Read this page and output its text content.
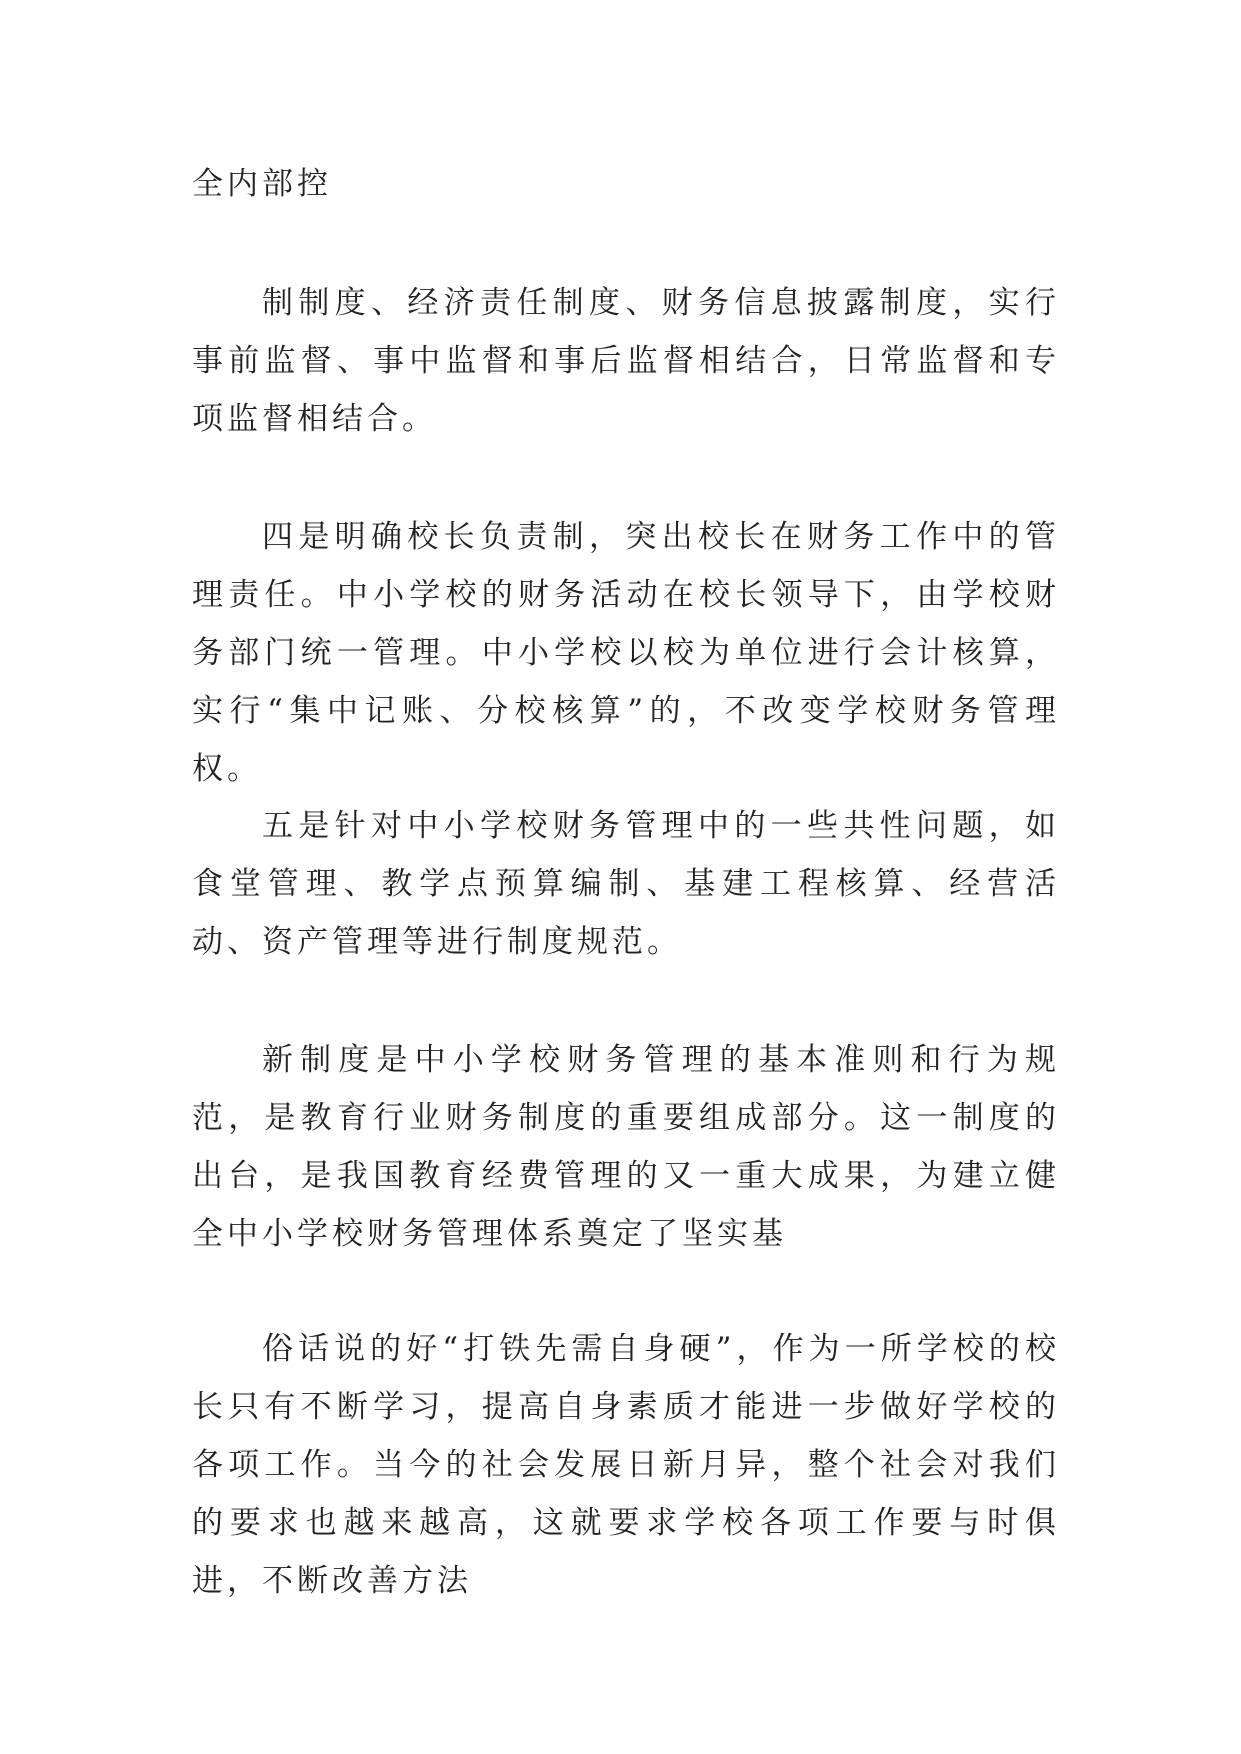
全内部控

制制度、经济责任制度、财务信息披露制度，实行事前监督、事中监督和事后监督相结合，日常监督和专项监督相结合。

四是明确校长负责制，突出校长在财务工作中的管理责任。中小学校的财务活动在校长领导下，由学校财务部门统一管理。中小学校以校为单位进行会计核算，实行“集中记账、分校核算”的，不改变学校财务管理权。

五是针对中小学校财务管理中的一些共性问题，如食堂管理、教学点预算编制、基建工程核算、经营活动、资产管理等进行制度规范。

新制度是中小学校财务管理的基本准则和行为规范，是教育行业财务制度的重要组成部分。这一制度的出台，是我国教育经费管理的又一重大成果，为建立健全中小学校财务管理体系奠定了坚实基

俗话说的好“打铁先需自身硬”，作为一所学校的校长只有不断学习，提高自身素质才能进一步做好学校的各项工作。当今的社会发展日新月异，整个社会对我们的要求也越来越高，这就要求学校各项工作要与时俱进，不断改善方法
